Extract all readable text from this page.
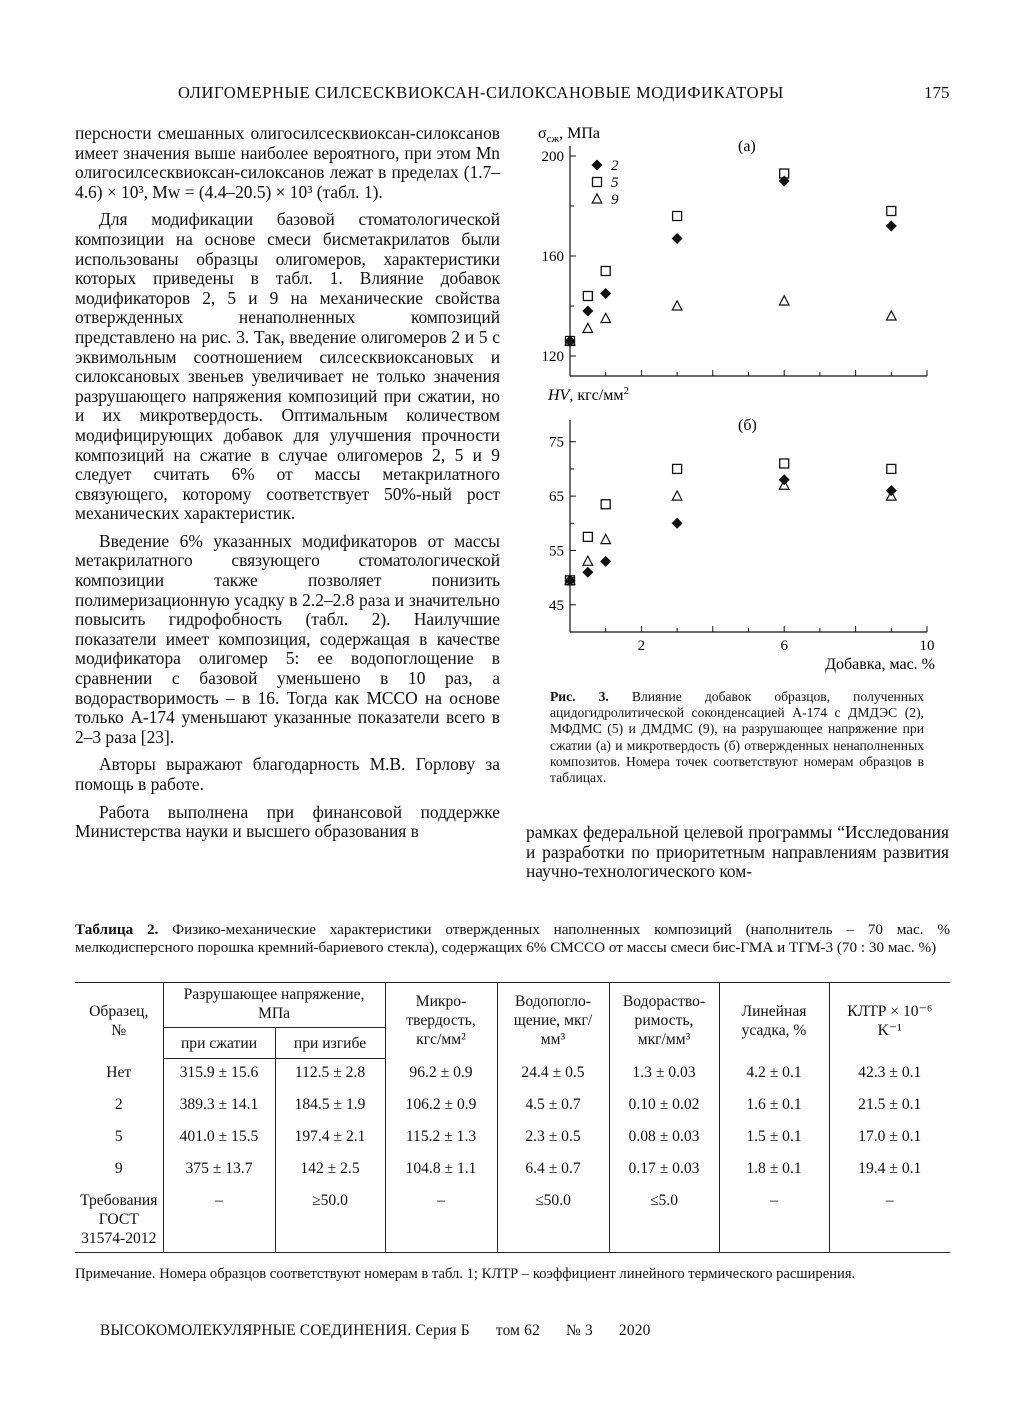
ОЛИГОМЕРНЫЕ СИЛСЕСКВИОКСАН-СИЛОКСАНОВЫЕ МОДИФИКАТОРЫ	175

персности смешанных олигосилсесквиоксан-силоксанов имеет значения выше наиболее вероятного, при этом Mn олигосилсесквиоксан-силоксанов лежат в пределах (1.7–4.6) × 10³, Mw = (4.4–20.5) × 10³ (табл. 1).

Для модификации базовой стоматологической композиции на основе смеси бисметакрилатов были использованы образцы олигомеров, характеристики которых приведены в табл. 1. Влияние добавок модификаторов 2, 5 и 9 на механические свойства отвержденных ненаполненных композиций представлено на рис. 3. Так, введение олигомеров 2 и 5 с эквимольным соотношением силсесквиоксановых и силоксановых звеньев увеличивает не только значения разрушающего напряжения композиций при сжатии, но и их микротвердость. Оптимальным количеством модифицирующих добавок для улучшения прочности композиций на сжатие в случае олигомеров 2, 5 и 9 следует считать 6% от массы метакрилатного связующего, которому соответствует 50%-ный рост механических характеристик.

Введение 6% указанных модификаторов от массы метакрилатного связующего стоматологической композиции также позволяет понизить полимеризационную усадку в 2.2–2.8 раза и значительно повысить гидрофобность (табл. 2). Наилучшие показатели имеет композиция, содержащая в качестве модификатора олигомер 5: ее водопоглощение в сравнении с базовой уменьшено в 10 раз, а водорастворимость – в 16. Тогда как МССО на основе только А-174 уменьшают указанные показатели всего в 2–3 раза [23].

Авторы выражают благодарность М.В. Горлову за помощь в работе.

Работа выполнена при финансовой поддержке Министерства науки и высшего образования в	рамках федеральной целевой программы “Исследования и разработки по приоритетным направлениям развития научно-технологического ком-

$\sigma_{сж}$, МПа
(а)
120
160
200
2
5
9
HV, кгс/$мм^2$
(б)
45
55
65
75
2	6	10
Добавка, мас. %
Рис. 3. Влияние добавок образцов, полученных ацидогидролитической соконденсацией А-174 с ДМДЭС (2), МФДМС (5) и ДМДМС (9), на разрушающее напряжение при сжатии (а) и микротвердость (б) отвержденных ненаполненных композитов. Номера точек соответствуют номерам образцов в таблицах.
Таблица 2. Физико-механические характеристики отвержденных наполненных композиций (наполнитель – 70 мас. % мелкодисперсного порошка кремний-бариевого стекла), содержащих 6% СМССО от массы смеси бис-ГМА и ТГМ-3 (70 : 30 мас. %)
Образец, №	Разрушающее напряжение, МПа		Микро-твердость, кгс/мм²	Водопогло-щение, мкг/мм³	Водораство-римость, мкг/мм³	Линейная усадка, %	КЛТР × 10⁻⁶ K⁻¹
	при сжатии	при изгибе					
Нет	315.9 ± 15.6	112.5 ± 2.8	96.2 ± 0.9	24.4 ± 0.5	1.3 ± 0.03	4.2 ± 0.1	42.3 ± 0.1
2	389.3 ± 14.1	184.5 ± 1.9	106.2 ± 0.9	4.5 ± 0.7	0.10 ± 0.02	1.6 ± 0.1	21.5 ± 0.1
5	401.0 ± 15.5	197.4 ± 2.1	115.2 ± 1.3	2.3 ± 0.5	0.08 ± 0.03	1.5 ± 0.1	17.0 ± 0.1
9	375 ± 13.7	142 ± 2.5	104.8 ± 1.1	6.4 ± 0.7	0.17 ± 0.03	1.8 ± 0.1	19.4 ± 0.1
Требования ГОСТ 31574-2012	–	≥50.0	–	≤50.0	≤5.0	–	–
Примечание. Номера образцов соответствуют номерам в табл. 1; КЛТР – коэффициент линейного термического расширения.
ВЫСОКОМОЛЕКУЛЯРНЫЕ СОЕДИНЕНИЯ. Серия Б том 62 № 3 2020
